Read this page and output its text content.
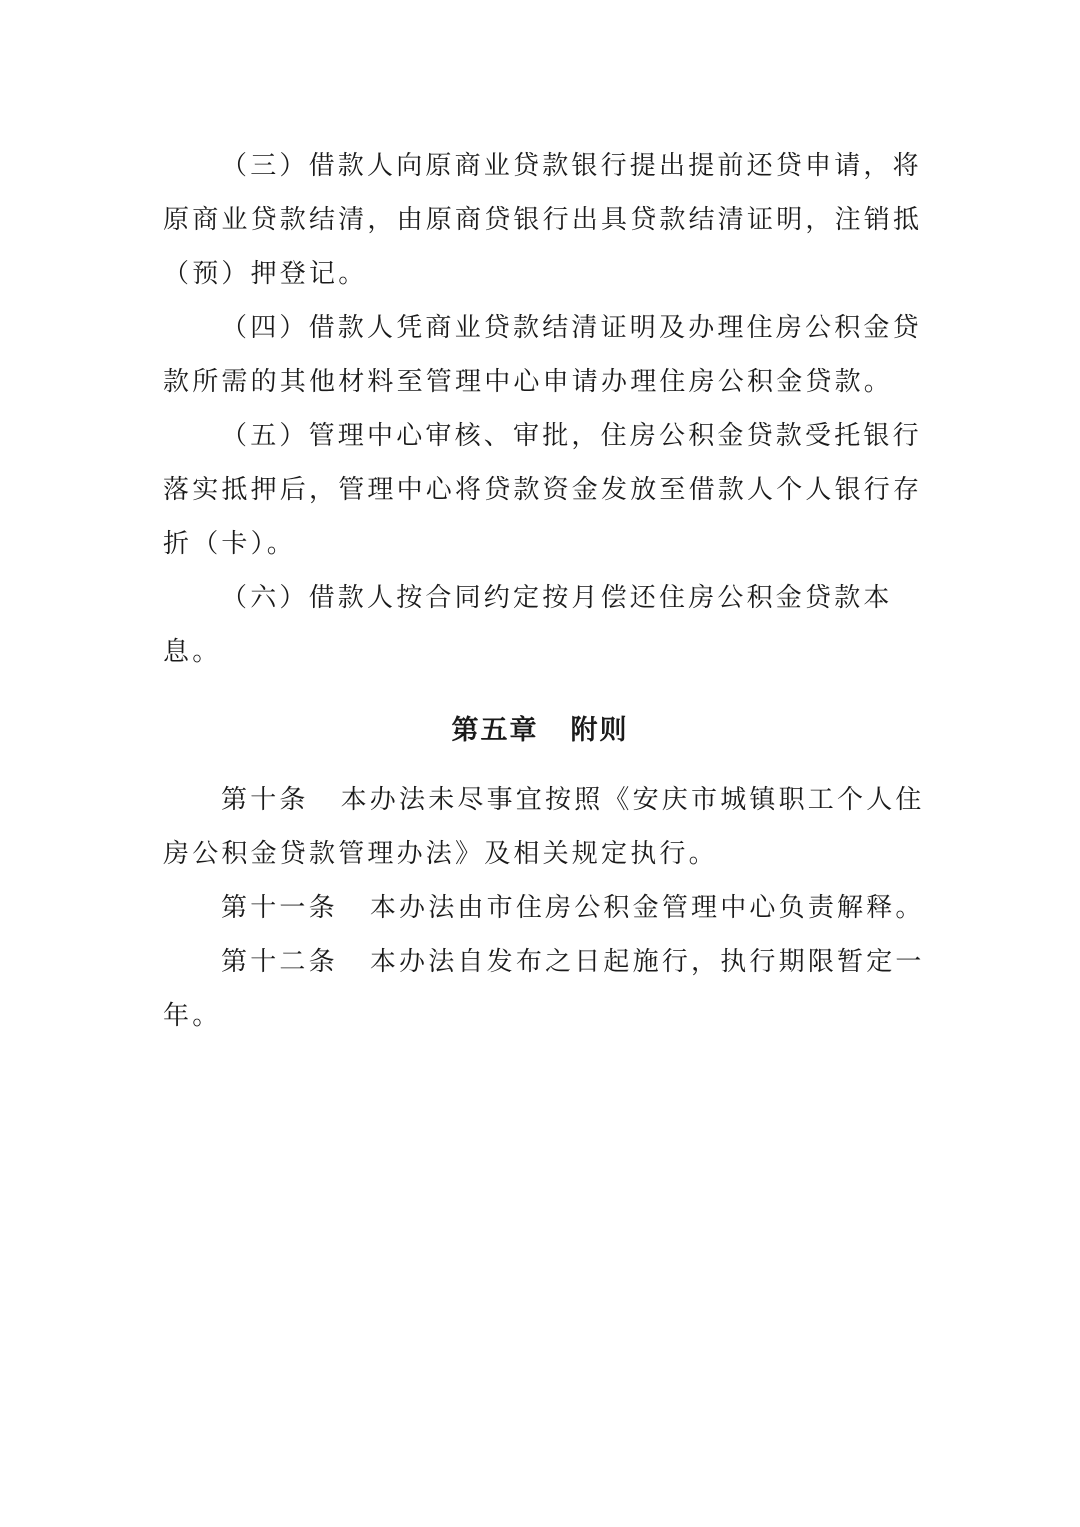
（三）借款人向原商业贷款银行提出提前还贷申请，将
原商业贷款结清，由原商贷银行出具贷款结清证明，注销抵
（预）押登记。
（四）借款人凭商业贷款结清证明及办理住房公积金贷
款所需的其他材料至管理中心申请办理住房公积金贷款。
（五）管理中心审核、审批，住房公积金贷款受托银行
落实抵押后，管理中心将贷款资金发放至借款人个人银行存
折（卡）。
（六）借款人按合同约定按月偿还住房公积金贷款本
息。
第五章 附则
第十条 本办法未尽事宜按照《安庆市城镇职工个人住
房公积金贷款管理办法》及相关规定执行。
第十一条 本办法由市住房公积金管理中心负责解释。
第十二条 本办法自发布之日起施行，执行期限暂定一
年。
